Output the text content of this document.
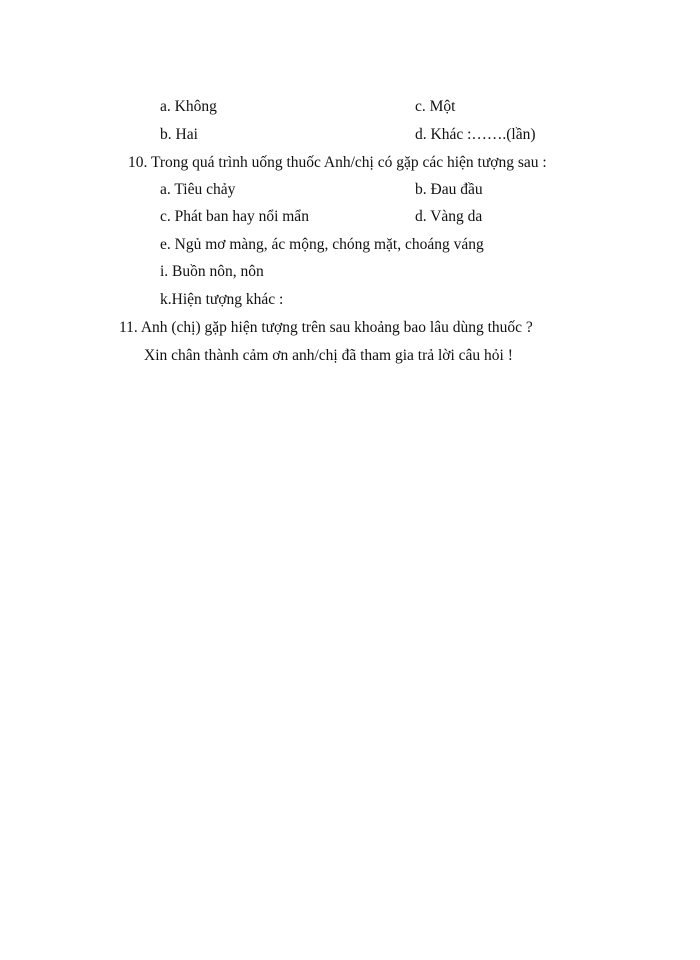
a. Không	c. Một
b. Hai	d. Khác :…….(lần)
10. Trong quá trình uống thuốc Anh/chị có gặp các hiện tượng sau :
a. Tiêu chảy	b. Đau đầu
c. Phát ban hay nổi mẩn	d. Vàng da
e. Ngủ mơ màng, ác mộng, chóng mặt, choáng váng
i. Buồn nôn, nôn
k.Hiện tượng khác :
11. Anh (chị) gặp hiện tượng trên sau khoảng bao lâu dùng thuốc ?
Xin chân thành cảm ơn anh/chị đã tham gia trả lời câu hỏi !
